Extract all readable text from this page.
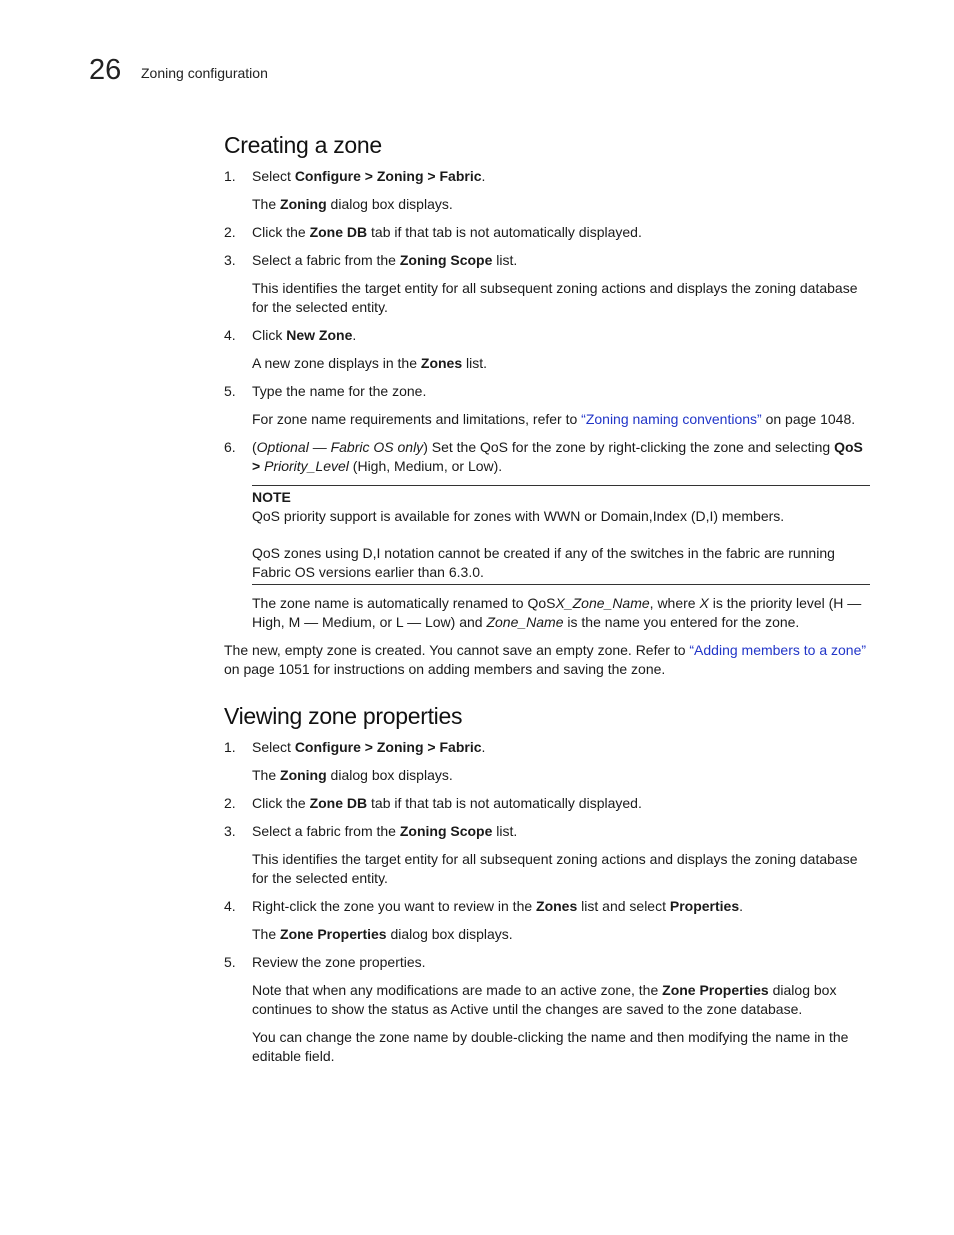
26 Zoning configuration
Creating a zone
1. Select Configure > Zoning > Fabric.
The Zoning dialog box displays.
2. Click the Zone DB tab if that tab is not automatically displayed.
3. Select a fabric from the Zoning Scope list.
This identifies the target entity for all subsequent zoning actions and displays the zoning database for the selected entity.
4. Click New Zone.
A new zone displays in the Zones list.
5. Type the name for the zone.
For zone name requirements and limitations, refer to “Zoning naming conventions” on page 1048.
6. (Optional — Fabric OS only) Set the QoS for the zone by right-clicking the zone and selecting QoS > Priority_Level (High, Medium, or Low).
NOTE

QoS priority support is available for zones with WWN or Domain,Index (D,I) members.

QoS zones using D,I notation cannot be created if any of the switches in the fabric are running Fabric OS versions earlier than 6.3.0.

The zone name is automatically renamed to QoSX_Zone_Name, where X is the priority level (H — High, M — Medium, or L — Low) and Zone_Name is the name you entered for the zone.
The new, empty zone is created. You cannot save an empty zone. Refer to “Adding members to a zone” on page 1051 for instructions on adding members and saving the zone.
Viewing zone properties
1. Select Configure > Zoning > Fabric.
The Zoning dialog box displays.
2. Click the Zone DB tab if that tab is not automatically displayed.
3. Select a fabric from the Zoning Scope list.
This identifies the target entity for all subsequent zoning actions and displays the zoning database for the selected entity.
4. Right-click the zone you want to review in the Zones list and select Properties.
The Zone Properties dialog box displays.
5. Review the zone properties.
Note that when any modifications are made to an active zone, the Zone Properties dialog box continues to show the status as Active until the changes are saved to the zone database.
You can change the zone name by double-clicking the name and then modifying the name in the editable field.
